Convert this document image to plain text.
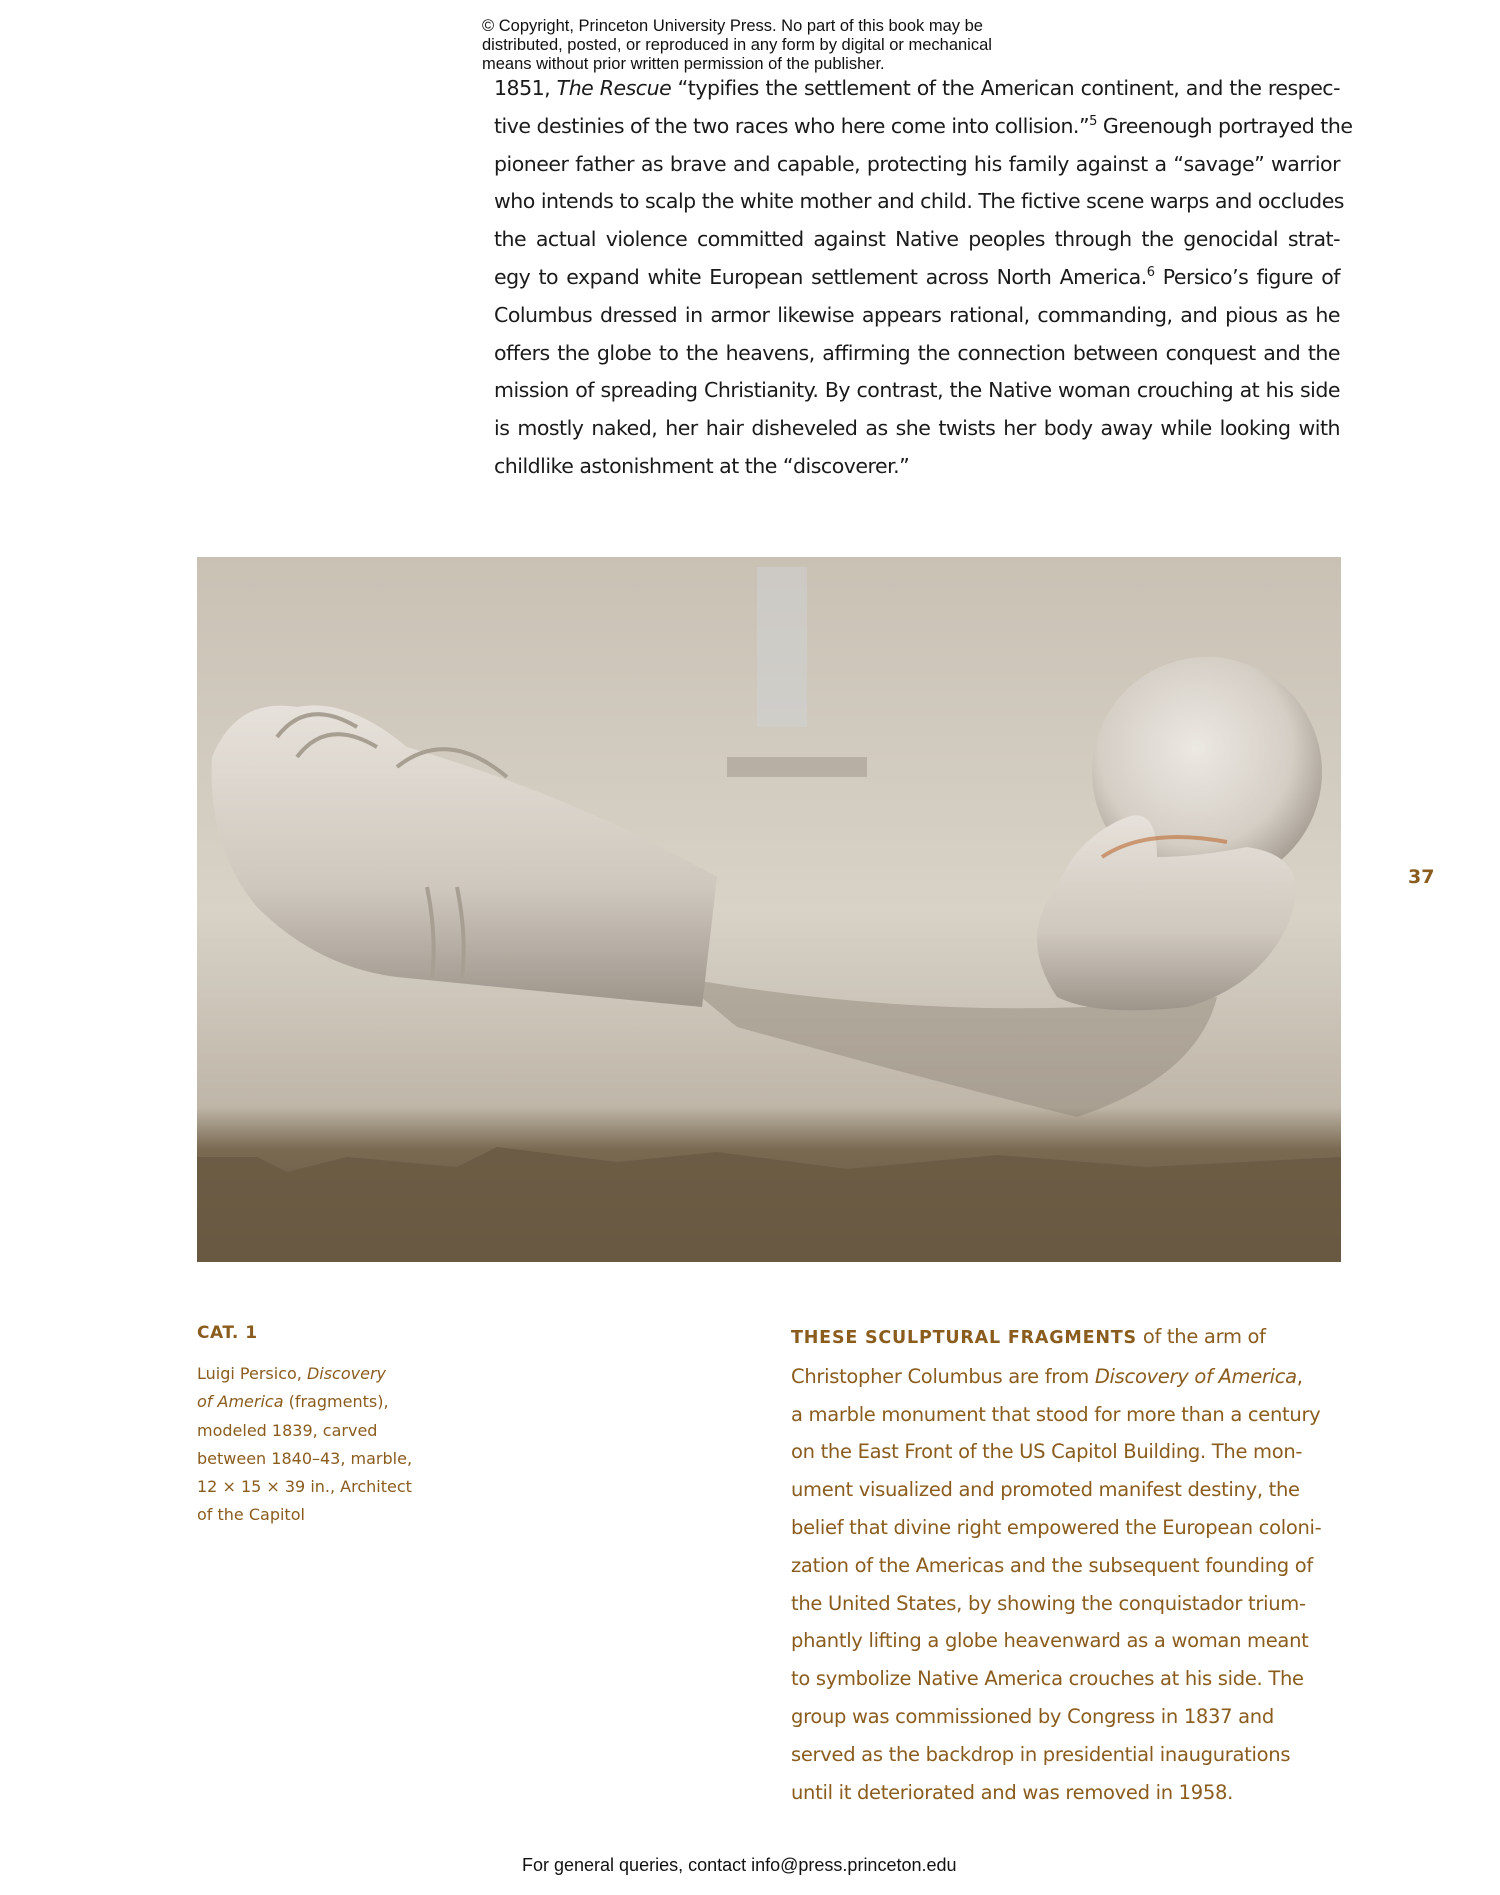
© Copyright, Princeton University Press. No part of this book may be
distributed, posted, or reproduced in any form by digital or mechanical
means without prior written permission of the publisher.
1851, The Rescue “typifies the settlement of the American continent, and the respec-
tive destinies of the two races who here come into collision.”$^5$ Greenough portrayed the
pioneer father as brave and capable, protecting his family against a “savage” warrior
who intends to scalp the white mother and child. The fictive scene warps and occludes
the actual violence committed against Native peoples through the genocidal strat-
egy to expand white European settlement across North America.$^6$ Persico’s figure of
Columbus dressed in armor likewise appears rational, commanding, and pious as he
offers the globe to the heavens, affirming the connection between conquest and the
mission of spreading Christianity. By contrast, the Native woman crouching at his side
is mostly naked, her hair disheveled as she twists her body away while looking with
childlike astonishment at the “discoverer.”
37
CAT. 1
Luigi Persico, Discovery
of America (fragments),
modeled 1839, carved
between 1840–43, marble,
12 × 15 × 39 in., Architect
of the Capitol
THESE SCULPTURAL FRAGMENTS of the arm of
Christopher Columbus are from Discovery of America,
a marble monument that stood for more than a century
on the East Front of the US Capitol Building. The mon-
ument visualized and promoted manifest destiny, the
belief that divine right empowered the European coloni-
zation of the Americas and the subsequent founding of
the United States, by showing the conquistador trium-
phantly lifting a globe heavenward as a woman meant
to symbolize Native America crouches at his side. The
group was commissioned by Congress in 1837 and
served as the backdrop in presidential inaugurations
until it deteriorated and was removed in 1958.
For general queries, contact info@press.princeton.edu
